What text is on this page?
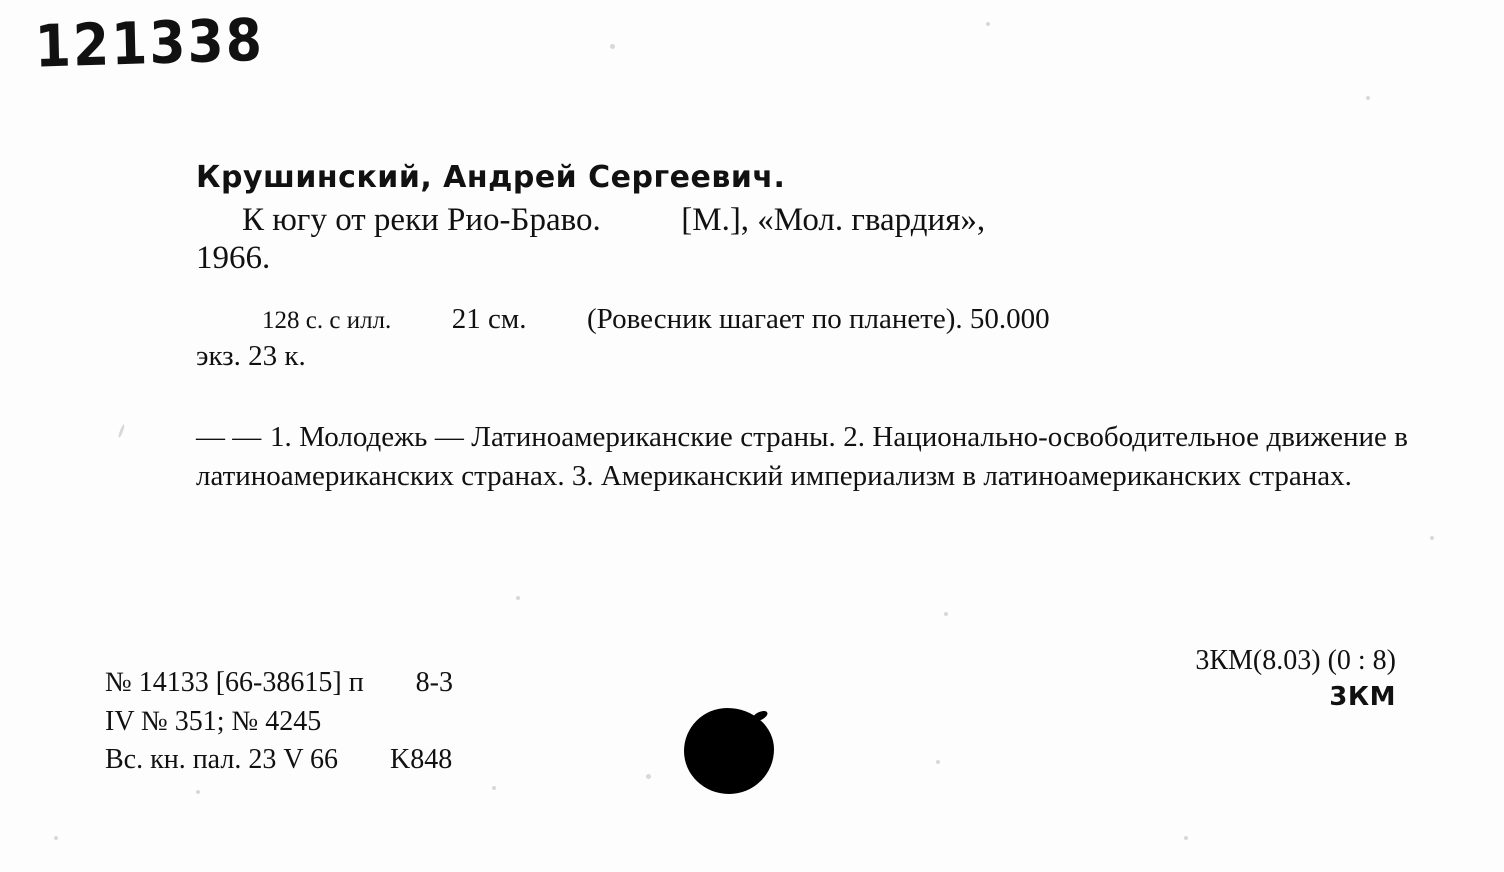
121338
Крушинский, Андрей Сергеевич.
К югу от реки Рио-Браво. [М.], «Мол. гвардия»,
1966.
128 с. с илл. 21 см. (Ровесник шагает по планете). 50.000
экз. 23 к.
— — 1. Молодежь — Латиноамериканские страны. 2. Национально-освободительное движение в латиноамериканских странах. 3. Американский империализм в латиноамериканских странах.
№ 14133 [66-38615] п 8-3
IV № 351; № 4245
Вс. кн. пал. 23 V 66 K848
3КМ(8.03) (0 : 8)
3КМ
